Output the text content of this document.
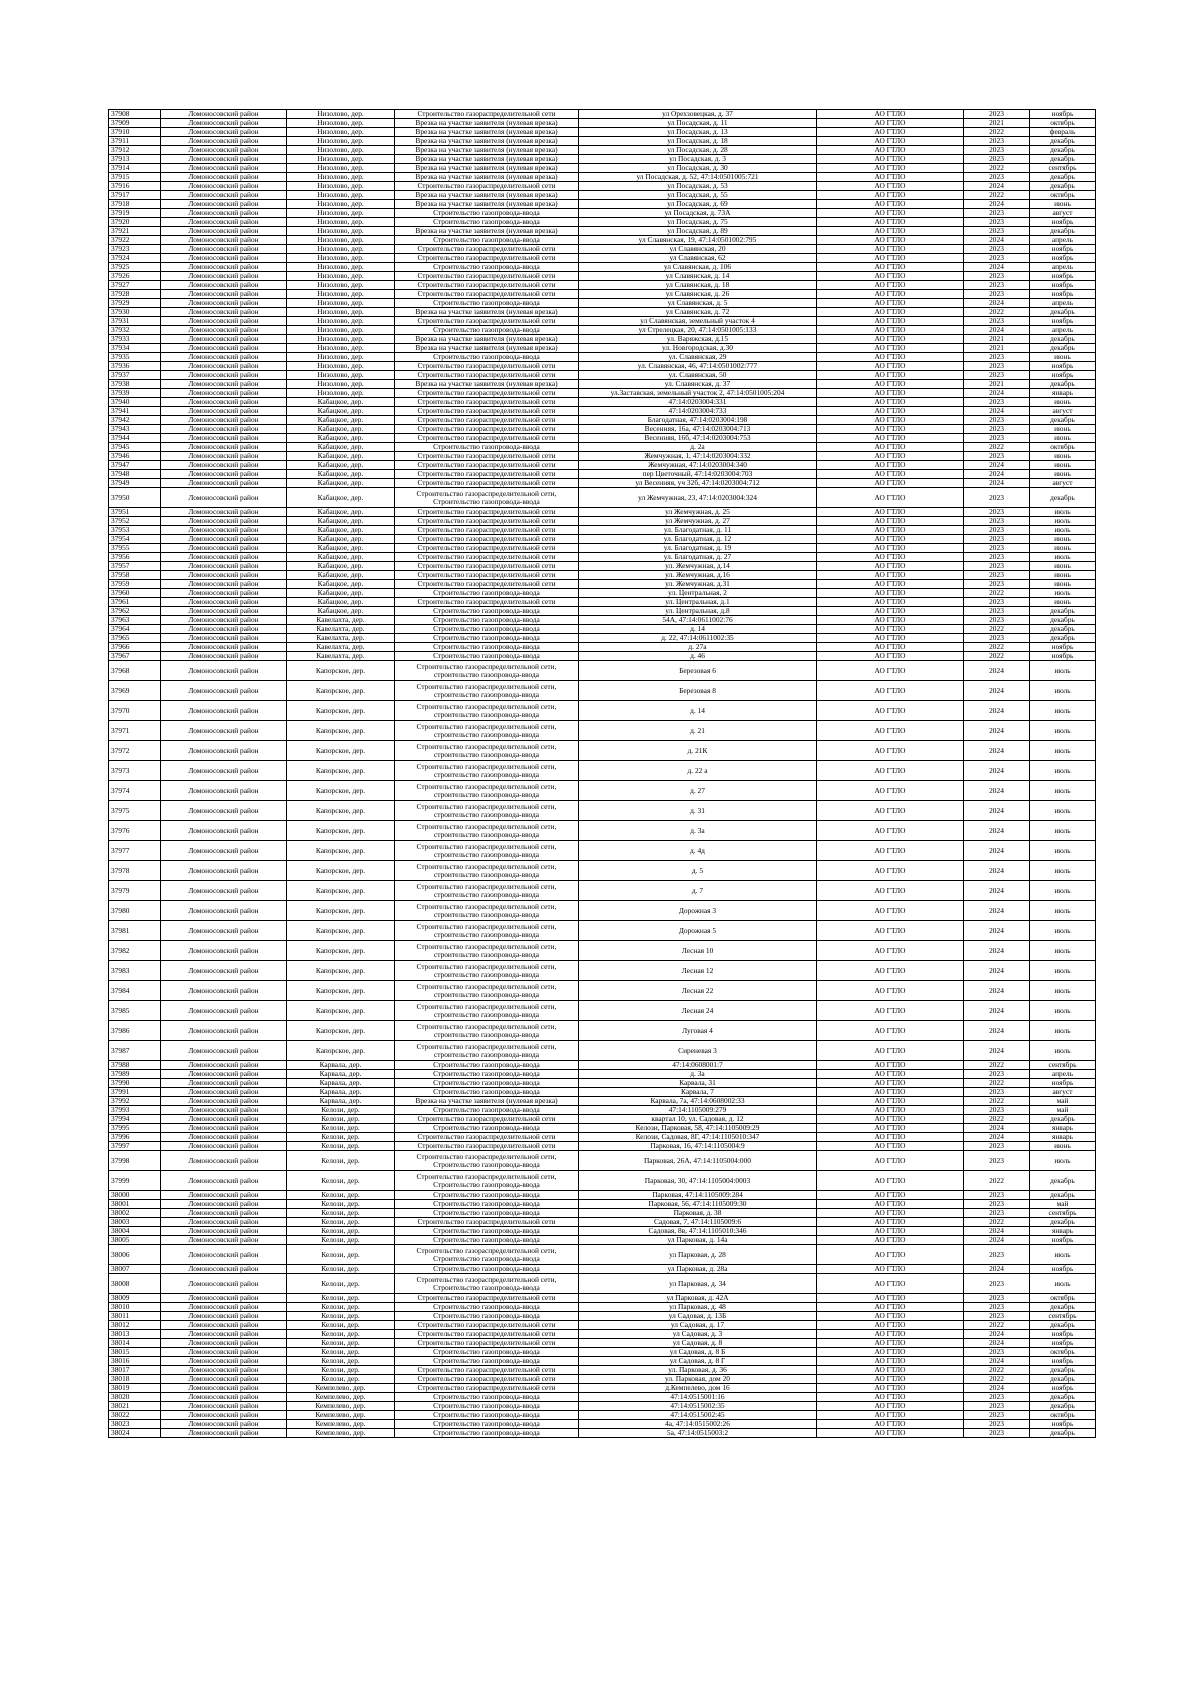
37908	Ломоносовский район	Низолово, дер.	Строительство газораспределительной сети	ул Орехзовецкая, д. 37	АО ГТЛО	2023	ноябрь
37909	Ломоносовский район	Низолово, дер.	Врезка на участке заявителя (нулевая врезка)	ул Посадская, д. 11	АО ГТЛО	2021	октябрь
37910	Ломоносовский район	Низолово, дер.	Врезка на участке заявителя (нулевая врезка)	ул Посадская, д. 13	АО ГТЛО	2022	февраль
37911	Ломоносовский район	Низолово, дер.	Врезка на участке заявителя (нулевая врезка)	ул Посадская, д. 18	АО ГТЛО	2023	декабрь
37912	Ломоносовский район	Низолово, дер.	Врезка на участке заявителя (нулевая врезка)	ул Посадская, д. 28	АО ГТЛО	2023	декабрь
37913	Ломоносовский район	Низолово, дер.	Врезка на участке заявителя (нулевая врезка)	ул Посадская, д. 3	АО ГТЛО	2023	декабрь
37914	Ломоносовский район	Низолово, дер.	Врезка на участке заявителя (нулевая врезка)	ул Посадская, д. 30	АО ГТЛО	2022	сентябрь
37915	Ломоносовский район	Низолово, дер.	Врезка на участке заявителя (нулевая врезка)	ул Посадская, д. 52, 47:14:0501005:721	АО ГТЛО	2023	декабрь
37916	Ломоносовский район	Низолово, дер.	Строительство газораспределительной сети	ул Посадская, д. 53	АО ГТЛО	2024	декабрь
37917	Ломоносовский район	Низолово, дер.	Врезка на участке заявителя (нулевая врезка)	ул Посадская, д. 55	АО ГТЛО	2022	октябрь
37918	Ломоносовский район	Низолово, дер.	Врезка на участке заявителя (нулевая врезка)	ул Посадская, д. 69	АО ГТЛО	2024	июнь
37919	Ломоносовский район	Низолово, дер.	Строительство газопровода-ввода	ул Посадская, д. 73А	АО ГТЛО	2023	август
37920	Ломоносовский район	Низолово, дер.	Строительство газопровода-ввода	ул Посадская, д. 75	АО ГТЛО	2023	ноябрь
37921	Ломоносовский район	Низолово, дер.	Врезка на участке заявителя (нулевая врезка)	ул Посадская, д. 89	АО ГТЛО	2023	декабрь
37922	Ломоносовский район	Низолово, дер.	Строительство газопровода-ввода	ул Славянская, 19, 47:14:0501002:795	АО ГТЛО	2024	апрель
37923	Ломоносовский район	Низолово, дер.	Строительство газораспределительной сети	ул Славянская, 20	АО ГТЛО	2023	ноябрь
37924	Ломоносовский район	Низолово, дер.	Строительство газораспределительной сети	ул Славянская, 62	АО ГТЛО	2023	ноябрь
37925	Ломоносовский район	Низолово, дер.	Строительство газопровода-ввода	ул Славянская, д. 106	АО ГТЛО	2024	апрель
37926	Ломоносовский район	Низолово, дер.	Строительство газораспределительной сети	ул Славянская, д. 14	АО ГТЛО	2023	ноябрь
37927	Ломоносовский район	Низолово, дер.	Строительство газораспределительной сети	ул Славянская, д. 18	АО ГТЛО	2023	ноябрь
37928	Ломоносовский район	Низолово, дер.	Строительство газораспределительной сети	ул Славянская, д. 26	АО ГТЛО	2023	ноябрь
37929	Ломоносовский район	Низолово, дер.	Строительство газопровода-ввода	ул Славянская, д. 5	АО ГТЛО	2024	апрель
37930	Ломоносовский район	Низолово, дер.	Врезка на участке заявителя (нулевая врезка)	ул Славянская, д. 72	АО ГТЛО	2022	декабрь
37931	Ломоносовский район	Низолово, дер.	Строительство газораспределительной сети	ул Славянская, земельный участок 4	АО ГТЛО	2023	ноябрь
37932	Ломоносовский район	Низолово, дер.	Строительство газопровода-ввода	ул Стрелецкая, 20, 47:14:0501005:133	АО ГТЛО	2024	апрель
37933	Ломоносовский район	Низолово, дер.	Врезка на участке заявителя (нулевая врезка)	ул. Варяжская, д.15	АО ГТЛО	2021	декабрь
37934	Ломоносовский район	Низолово, дер.	Врезка на участке заявителя (нулевая врезка)	ул. Новгородская, д.30	АО ГТЛО	2021	декабрь
37935	Ломоносовский район	Низолово, дер.	Строительство газопровода-ввода	ул. Славянская, 29	АО ГТЛО	2023	июнь
37936	Ломоносовский район	Низолово, дер.	Строительство газораспределительной сети	ул. Славянская, 46, 47:14:0501002:777	АО ГТЛО	2023	ноябрь
37937	Ломоносовский район	Низолово, дер.	Строительство газораспределительной сети	ул. Славянская, 50	АО ГТЛО	2023	ноябрь
37938	Ломоносовский район	Низолово, дер.	Врезка на участке заявителя (нулевая врезка)	ул. Славянская, д. 37	АО ГТЛО	2021	декабрь
37939	Ломоносовский район	Низолово, дер.	Строительство газораспределительной сети	ул.Заставская, земельный участок 2, 47:14:0501005:204	АО ГТЛО	2024	январь
37940	Ломоносовский район	Кабацкое, дер.	Строительство газораспределительной сети	47:14:0203004:331	АО ГТЛО	2023	июнь
37941	Ломоносовский район	Кабацкое, дер.	Строительство газораспределительной сети	47:14:0203004:733	АО ГТЛО	2024	август
37942	Ломоносовский район	Кабацкое, дер.	Строительство газораспределительной сети	Благодатная, 47:14:0203004:198	АО ГТЛО	2023	декабрь
37943	Ломоносовский район	Кабацкое, дер.	Строительство газораспределительной сети	Весенняя, 16а, 47:14:0203004:713	АО ГТЛО	2023	июнь
37944	Ломоносовский район	Кабацкое, дер.	Строительство газораспределительной сети	Весенняя, 16б, 47:14:0203004:753	АО ГТЛО	2023	июнь
37945	Ломоносовский район	Кабацкое, дер.	Строительство газопровода-ввода	д. 2а	АО ГТЛО	2022	октябрь
37946	Ломоносовский район	Кабацкое, дер.	Строительство газораспределительной сети	Жемчужная, 1, 47:14:0203004:332	АО ГТЛО	2023	июнь
37947	Ломоносовский район	Кабацкое, дер.	Строительство газораспределительной сети	Жемчужная, 47:14:0203004:340	АО ГТЛО	2024	июнь
37948	Ломоносовский район	Кабацкое, дер.	Строительство газораспределительной сети	пер Цветочный, 47:14:0203004:703	АО ГТЛО	2024	июнь
37949	Ломоносовский район	Кабацкое, дер.	Строительство газораспределительной сети	ул Весенняя, уч 32б, 47:14:0203004:712	АО ГТЛО	2024	август
37950	Ломоносовский район	Кабацкое, дер.	Строительство газораспределительной сети, Строительство газопровода-ввода	ул Жемчужная, 23, 47:14:0203004:324	АО ГТЛО	2023	декабрь
37951	Ломоносовский район	Кабацкое, дер.	Строительство газораспределительной сети	ул Жемчужная, д. 25	АО ГТЛО	2023	июль
37952	Ломоносовский район	Кабацкое, дер.	Строительство газораспределительной сети	ул Жемчужная, д. 27	АО ГТЛО	2023	июль
37953	Ломоносовский район	Кабацкое, дер.	Строительство газораспределительной сети	ул. Благодатная, д. 11	АО ГТЛО	2023	июль
37954	Ломоносовский район	Кабацкое, дер.	Строительство газораспределительной сети	ул. Благодатная, д. 12	АО ГТЛО	2023	июнь
37955	Ломоносовский район	Кабацкое, дер.	Строительство газораспределительной сети	ул. Благодатная, д. 19	АО ГТЛО	2023	июнь
37956	Ломоносовский район	Кабацкое, дер.	Строительство газораспределительной сети	ул. Благодатная, д. 27	АО ГТЛО	2023	июль
37957	Ломоносовский район	Кабацкое, дер.	Строительство газораспределительной сети	ул. Жемчужная, д.14	АО ГТЛО	2023	июнь
37958	Ломоносовский район	Кабацкое, дер.	Строительство газораспределительной сети	ул. Жемчужная, д.16	АО ГТЛО	2023	июнь
37959	Ломоносовский район	Кабацкое, дер.	Строительство газораспределительной сети	ул. Жемчужная, д.31	АО ГТЛО	2023	июнь
37960	Ломоносовский район	Кабацкое, дер.	Строительство газопровода-ввода	ул. Центральная, 2	АО ГТЛО	2022	июль
37961	Ломоносовский район	Кабацкое, дер.	Строительство газораспределительной сети	ул. Центральная, д.1	АО ГТЛО	2023	июнь
37962	Ломоносовский район	Кабацкое, дер.	Строительство газопровода-ввода	ул. Центральная, д.8	АО ГТЛО	2023	декабрь
37963	Ломоносовский район	Кавелахта, дер.	Строительство газопровода-ввода	54А, 47:14:0611002:76	АО ГТЛО	2023	декабрь
37964	Ломоносовский район	Кавелахта, дер.	Строительство газопровода-ввода	д. 14	АО ГТЛО	2022	декабрь
37965	Ломоносовский район	Кавелахта, дер.	Строительство газопровода-ввода	д. 22, 47:14:0611002:35	АО ГТЛО	2023	декабрь
37966	Ломоносовский район	Кавелахта, дер.	Строительство газопровода-ввода	д. 27а	АО ГТЛО	2022	ноябрь
37967	Ломоносовский район	Кавелахта, дер.	Строительство газопровода-ввода	д. 46	АО ГТЛО	2022	ноябрь
37968	Ломоносовский район	Капорское, дер.	Строительство газораспределительной сети, строительство газопровода-ввода	Березовая 6	АО ГТЛО	2024	июль
37969	Ломоносовский район	Капорское, дер.	Строительство газораспределительной сети, строительство газопровода-ввода	Березовая 8	АО ГТЛО	2024	июль
37970	Ломоносовский район	Капорское, дер.	Строительство газораспределительной сети, строительство газопровода-ввода	д. 14	АО ГТЛО	2024	июль
37971	Ломоносовский район	Капорское, дер.	Строительство газораспределительной сети, строительство газопровода-ввода	д. 21	АО ГТЛО	2024	июль
37972	Ломоносовский район	Капорское, дер.	Строительство газораспределительной сети, строительство газопровода-ввода	д. 21К	АО ГТЛО	2024	июль
37973	Ломоносовский район	Капорское, дер.	Строительство газораспределительной сети, строительство газопровода-ввода	д. 22 а	АО ГТЛО	2024	июль
37974	Ломоносовский район	Капорское, дер.	Строительство газораспределительной сети, строительство газопровода-ввода	д. 27	АО ГТЛО	2024	июль
37975	Ломоносовский район	Капорское, дер.	Строительство газораспределительной сети, строительство газопровода-ввода	д. 31	АО ГТЛО	2024	июль
37976	Ломоносовский район	Капорское, дер.	Строительство газораспределительной сети, строительство газопровода-ввода	д. 3а	АО ГТЛО	2024	июль
37977	Ломоносовский район	Капорское, дер.	Строительство газораспределительной сети, строительство газопровода-ввода	д. 4д	АО ГТЛО	2024	июль
37978	Ломоносовский район	Капорское, дер.	Строительство газораспределительной сети, строительство газопровода-ввода	д. 5	АО ГТЛО	2024	июль
37979	Ломоносовский район	Капорское, дер.	Строительство газораспределительной сети, строительство газопровода-ввода	д. 7	АО ГТЛО	2024	июль
37980	Ломоносовский район	Капорское, дер.	Строительство газораспределительной сети, строительство газопровода-ввода	Дорожная 3	АО ГТЛО	2024	июль
37981	Ломоносовский район	Капорское, дер.	Строительство газораспределительной сети, строительство газопровода-ввода	Дорожная 5	АО ГТЛО	2024	июль
37982	Ломоносовский район	Капорское, дер.	Строительство газораспределительной сети, строительство газопровода-ввода	Лесная 10	АО ГТЛО	2024	июль
37983	Ломоносовский район	Капорское, дер.	Строительство газораспределительной сети, строительство газопровода-ввода	Лесная 12	АО ГТЛО	2024	июль
37984	Ломоносовский район	Капорское, дер.	Строительство газораспределительной сети, строительство газопровода-ввода	Лесная 22	АО ГТЛО	2024	июль
37985	Ломоносовский район	Капорское, дер.	Строительство газораспределительной сети, строительство газопровода-ввода	Лесная 24	АО ГТЛО	2024	июль
37986	Ломоносовский район	Капорское, дер.	Строительство газораспределительной сети, строительство газопровода-ввода	Луговая 4	АО ГТЛО	2024	июль
37987	Ломоносовский район	Капорское, дер.	Строительство газораспределительной сети, строительство газопровода-ввода	Сиреневая 3	АО ГТЛО	2024	июль
37988	Ломоносовский район	Карвала, дер.	Строительство газопровода-ввода	47:14:0608001:7	АО ГТЛО	2022	сентябрь
37989	Ломоносовский район	Карвала, дер.	Строительство газопровода-ввода	д. 3а	АО ГТЛО	2023	апрель
37990	Ломоносовский район	Карвала, дер.	Строительство газопровода-ввода	Карвала, 31	АО ГТЛО	2022	ноябрь
37991	Ломоносовский район	Карвала, дер.	Строительство газопровода-ввода	Карвала, 7	АО ГТЛО	2023	август
37992	Ломоносовский район	Карвала, дер.	Врезка на участке заявителя (нулевая врезка)	Карвала, 7а, 47:14:0608002:33	АО ГТЛО	2022	май
37993	Ломоносовский район	Келози, дер.	Строительство газопровода-ввода	47:14:1105009:279	АО ГТЛО	2023	май
37994	Ломоносовский район	Келози, дер.	Строительство газораспределительной сети	квартал 10, ул. Садовая, д. 12	АО ГТЛО	2022	декабрь
37995	Ломоносовский район	Келози, дер.	Строительство газопровода-ввода	Келози, Парковая, 58, 47:14:1105009:29	АО ГТЛО	2024	январь
37996	Ломоносовский район	Келози, дер.	Строительство газораспределительной сети	Келози, Садовая, 8Г, 47:14:1105010:347	АО ГТЛО	2024	январь
37997	Ломоносовский район	Келози, дер.	Строительство газораспределительной сети	Парковая, 16, 47:14:1105004:9	АО ГТЛО	2023	июнь
37998	Ломоносовский район	Келози, дер.	Строительство газораспределительной сети, Строительство газопровода-ввода	Парковая, 26А, 47:14:1105004:000	АО ГТЛО	2023	июль
37999	Ломоносовский район	Келози, дер.	Строительство газораспределительной сети, Строительство газопровода-ввода	Парковая, 30, 47:14:1105004:0003	АО ГТЛО	2022	декабрь
38000	Ломоносовский район	Келози, дер.	Строительство газопровода-ввода	Парковая, 47:14:1105009:284	АО ГТЛО	2023	декабрь
38001	Ломоносовский район	Келози, дер.	Строительство газопровода-ввода	Парковая, 56, 47:14:1105009:30	АО ГТЛО	2023	май
38002	Ломоносовский район	Келози, дер.	Строительство газопровода-ввода	Парковая, д. 38	АО ГТЛО	2023	сентябрь
38003	Ломоносовский район	Келози, дер.	Строительство газораспределительной сети	Садовая, 7, 47:14:1105009:6	АО ГТЛО	2022	декабрь
38004	Ломоносовский район	Келози, дер.	Строительство газопровода-ввода	Садовая, 8в, 47:14:1105010:346	АО ГТЛО	2024	январь
38005	Ломоносовский район	Келози, дер.	Строительство газопровода-ввода	ул Парковая, д. 14а	АО ГТЛО	2024	ноябрь
38006	Ломоносовский район	Келози, дер.	Строительство газораспределительной сети, Строительство газопровода-ввода	ул Парковая, д. 28	АО ГТЛО	2023	июль
38007	Ломоносовский район	Келози, дер.	Строительство газопровода-ввода	ул Парковая, д. 28а	АО ГТЛО	2024	ноябрь
38008	Ломоносовский район	Келози, дер.	Строительство газораспределительной сети, Строительство газопровода-ввода	ул Парковая, д. 34	АО ГТЛО	2023	июль
38009	Ломоносовский район	Келози, дер.	Строительство газораспределительной сети	ул Парковая, д. 42А	АО ГТЛО	2023	октябрь
38010	Ломоносовский район	Келози, дер.	Строительство газопровода-ввода	ул Парковая, д. 48	АО ГТЛО	2023	декабрь
38011	Ломоносовский район	Келози, дер.	Строительство газопровода-ввода	ул Садовая, д. 13Б	АО ГТЛО	2023	сентябрь
38012	Ломоносовский район	Келози, дер.	Строительство газораспределительной сети	ул Садовая, д. 17	АО ГТЛО	2022	декабрь
38013	Ломоносовский район	Келози, дер.	Строительство газораспределительной сети	ул Садовая, д. 3	АО ГТЛО	2024	ноябрь
38014	Ломоносовский район	Келози, дер.	Строительство газораспределительной сети	ул Садовая, д. 8	АО ГТЛО	2024	ноябрь
38015	Ломоносовский район	Келози, дер.	Строительство газопровода-ввода	ул Садовая, д. 8 Б	АО ГТЛО	2023	октябрь
38016	Ломоносовский район	Келози, дер.	Строительство газопровода-ввода	ул Садовая, д. 8 Г	АО ГТЛО	2024	ноябрь
38017	Ломоносовский район	Келози, дер.	Строительство газораспределительной сети	ул. Парковая, д. 36	АО ГТЛО	2022	декабрь
38018	Ломоносовский район	Келози, дер.	Строительство газораспределительной сети	ул. Парковая, дом 20	АО ГТЛО	2022	декабрь
38019	Ломоносовский район	Кемпелево, дер.	Строительство газораспределительной сети	д.Кемпелево, дом 16	АО ГТЛО	2024	ноябрь
38020	Ломоносовский район	Кемпелево, дер.	Строительство газопровода-ввода	47:14:0515001:16	АО ГТЛО	2023	декабрь
38021	Ломоносовский район	Кемпелево, дер.	Строительство газопровода-ввода	47:14:0515002:35	АО ГТЛО	2023	декабрь
38022	Ломоносовский район	Кемпелево, дер.	Строительство газопровода-ввода	47:14:0515002:45	АО ГТЛО	2023	октябрь
38023	Ломоносовский район	Кемпелево, дер.	Строительство газопровода-ввода	4а, 47:14:0515002:26	АО ГТЛО	2023	ноябрь
38024	Ломоносовский район	Кемпелево, дер.	Строительство газопровода-ввода	5а, 47:14:0515003:2	АО ГТЛО	2023	декабрь
